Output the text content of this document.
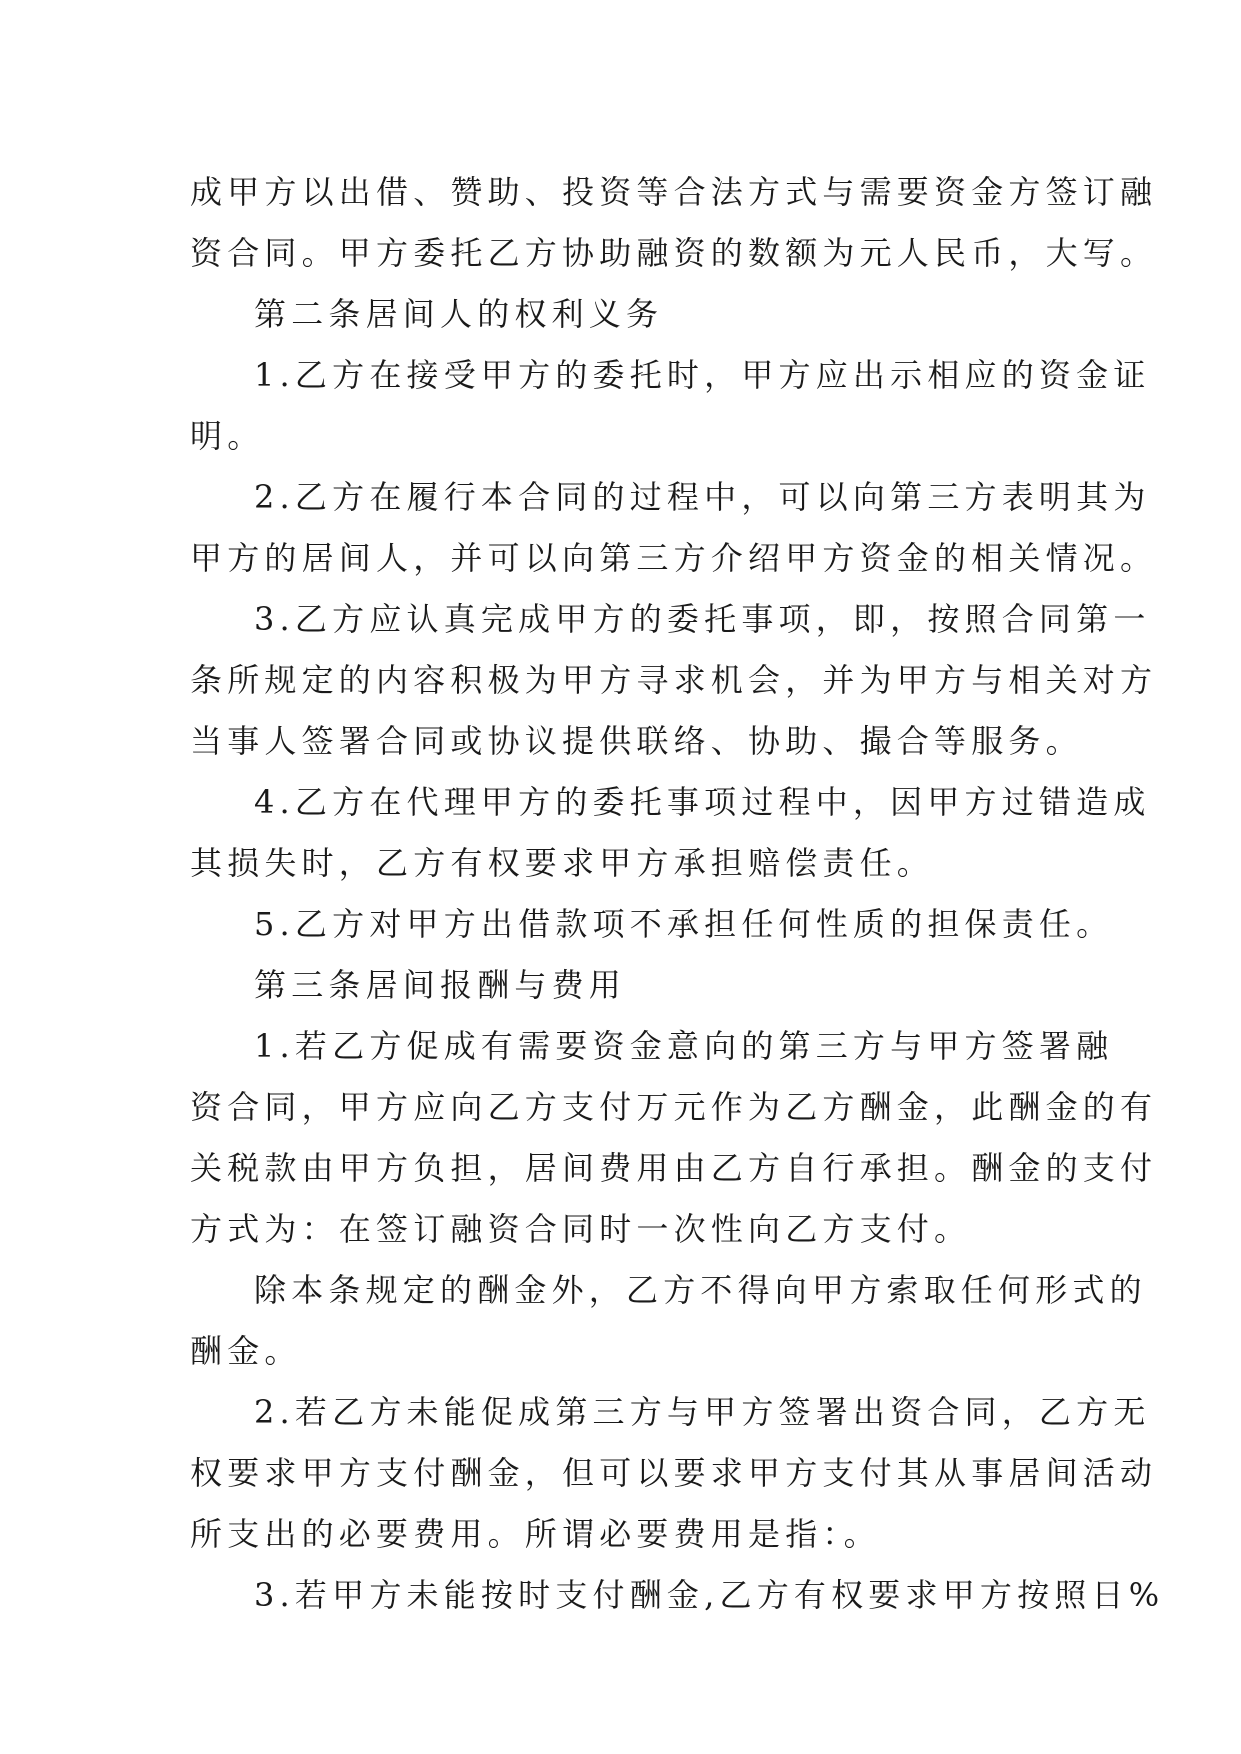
成甲方以出借、赞助、投资等合法方式与需要资金方签订融
资合同。甲方委托乙方协助融资的数额为元人民币，大写。
第二条居间人的权利义务
1.乙方在接受甲方的委托时，甲方应出示相应的资金证
明。
2.乙方在履行本合同的过程中，可以向第三方表明其为
甲方的居间人，并可以向第三方介绍甲方资金的相关情况。
3.乙方应认真完成甲方的委托事项，即，按照合同第一
条所规定的内容积极为甲方寻求机会，并为甲方与相关对方
当事人签署合同或协议提供联络、协助、撮合等服务。
4.乙方在代理甲方的委托事项过程中，因甲方过错造成
其损失时，乙方有权要求甲方承担赔偿责任。
5.乙方对甲方出借款项不承担任何性质的担保责任。
第三条居间报酬与费用
1.若乙方促成有需要资金意向的第三方与甲方签署融
资合同，甲方应向乙方支付万元作为乙方酬金，此酬金的有
关税款由甲方负担，居间费用由乙方自行承担。酬金的支付
方式为：在签订融资合同时一次性向乙方支付。
除本条规定的酬金外，乙方不得向甲方索取任何形式的
酬金。
2.若乙方未能促成第三方与甲方签署出资合同，乙方无
权要求甲方支付酬金，但可以要求甲方支付其从事居间活动
所支出的必要费用。所谓必要费用是指：。
3.若甲方未能按时支付酬金,乙方有权要求甲方按照日%
